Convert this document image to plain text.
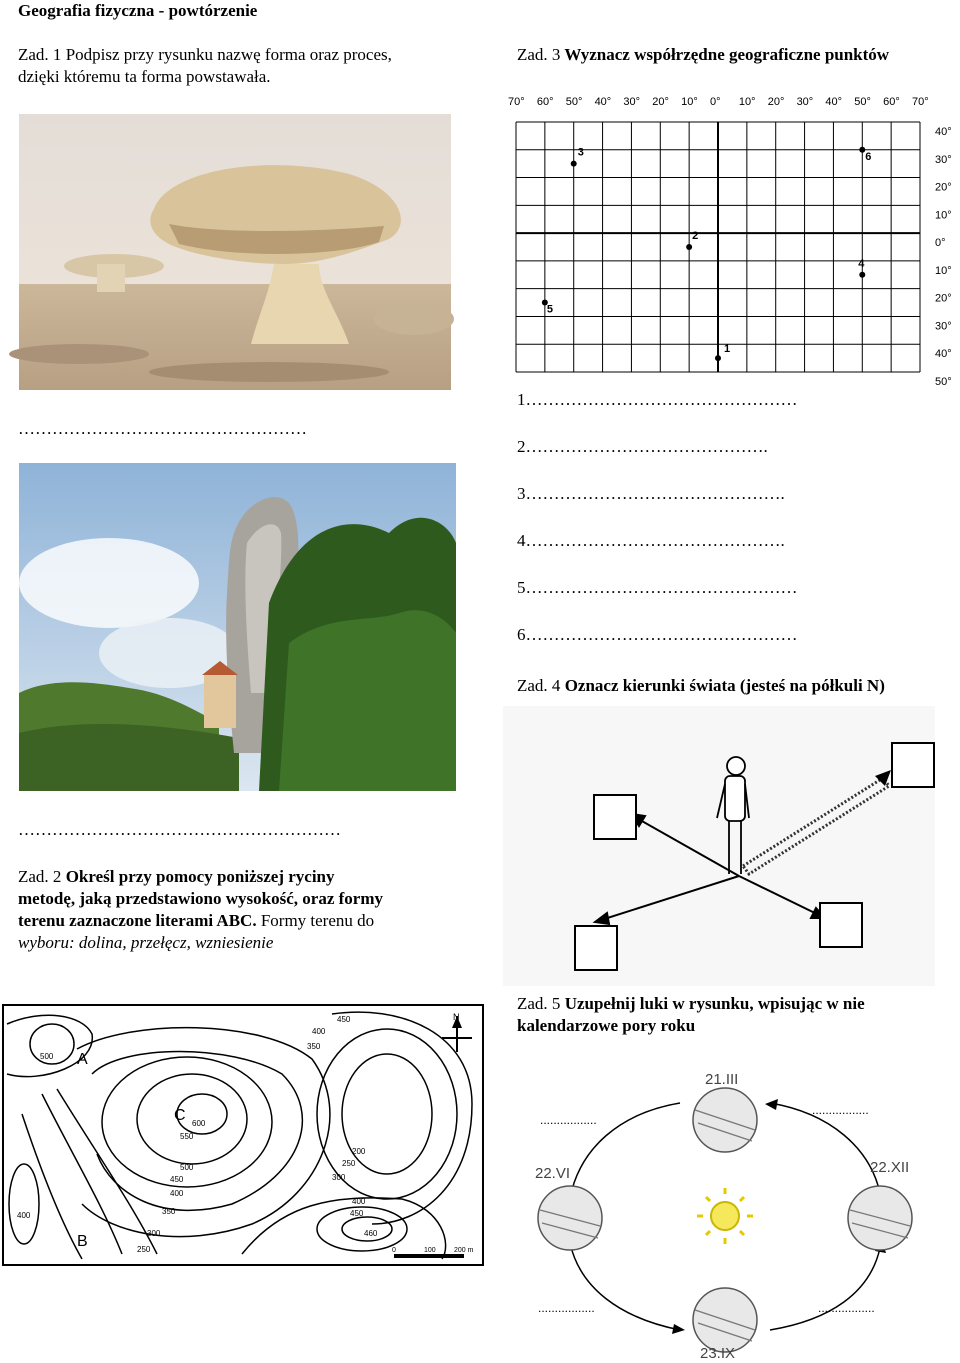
Geografia fizyczna - powtórzenie
Zad. 1 Podpisz przy rysunku nazwę forma oraz proces,
dzięki któremu ta forma powstawała.
……………………………………………
…………………………………………………
Zad. 2 Określ przy pomocy poniższej ryciny
metodę, jaką przedstawiono wysokość, oraz formy
terenu zaznaczone literami ABC. Formy terenu do
wyboru: dolina, przełęcz, wzniesienie
500
400
450
350
600
550
500
450
400
350
300
250
200
250
300
400
450
460
400
A
B
C
N
0	100	200 m
Zad. 3 Wyznacz współrzędne geograficzne punktów
70° 60° 50° 40° 30° 20° 10° 0° 10° 20° 30° 40° 50° 60° 70°
40°
30°
20°
10°
0°
10°
20°
30°
40°
50°
1
2
3
4
5
6
1…………………………………………
2…………………………………….
3……………………………………….
4……………………………………….
5…………………………………………
6…………………………………………
Zad. 4 Oznacz kierunki świata (jesteś na półkuli N)
Zad. 5 Uzupełnij luki w rysunku, wpisując w nie
kalendarzowe pory roku
21.III
22.VI	22.XII
23.IX
.................
.................
.................	.................
